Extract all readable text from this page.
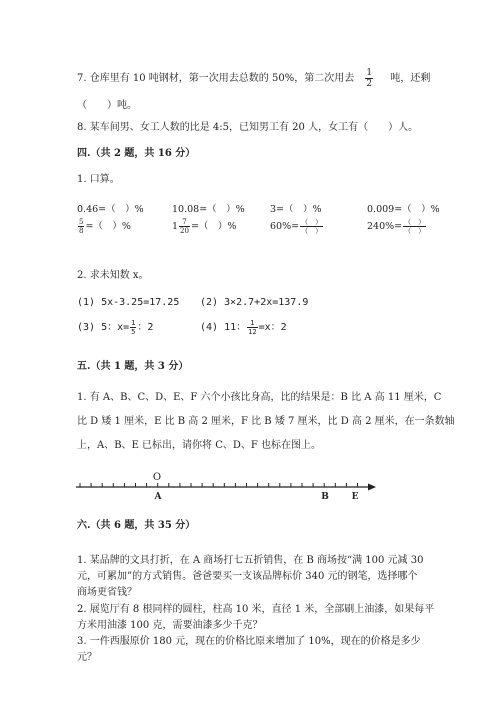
7. 仓库里有 10 吨钢材，第一次用去总数的 50%，第二次用去 $\frac{1}{2}$ 吨，还剩
（　　）吨。
8. 某车间男、女工人数的比是 4:5，已知男工有 20 人，女工有（　　）人。
四.（共 2 题，共 16 分）
1. 口算。
0.46=（　）%	10.08=（　）%	3=（　）%	0.009=（　）%
$\frac{5}{8}$ =（　）%	$1 \frac{7}{20}$ =（　）%	$60\%= \frac{( )}{( )}$	$240\%= \frac{( )}{( )}$
2. 求未知数 x。
(1) 5x-3.25=17.25 (2) 3×2.7+2x=137.9
(3) 5：$x= \frac{1}{5}$ ：2	(4) 11： $\frac{1}{12} =x$：2
五.（共 1 题，共 3 分）
1. 有 A、B、C、D、E、F 六个小孩比身高，比的结果是：B 比 A 高 11 厘米，C
比 D 矮 1 厘米，E 比 B 高 2 厘米，F 比 B 矮 7 厘米，比 D 高 2 厘米，在一条数轴
上，A、B、E 已标出，请你将 C、D、F 也标在图上。
O
A	B	E
六.（共 6 题，共 35 分）
1. 某品牌的文具打折，在 A 商场打七五折销售，在 B 商场按“满 100 元减 30
元，可累加”的方式销售。爸爸要买一支该品牌标价 340 元的钢笔，选择哪个
商场更省钱？
2. 展览厅有 8 根同样的圆柱，柱高 10 米，直径 1 米，全部刷上油漆，如果每平
方米用油漆 100 克，需要油漆多少千克？
3. 一件西服原价 180 元，现在的价格比原来增加了 10%，现在的价格是多少
元？
